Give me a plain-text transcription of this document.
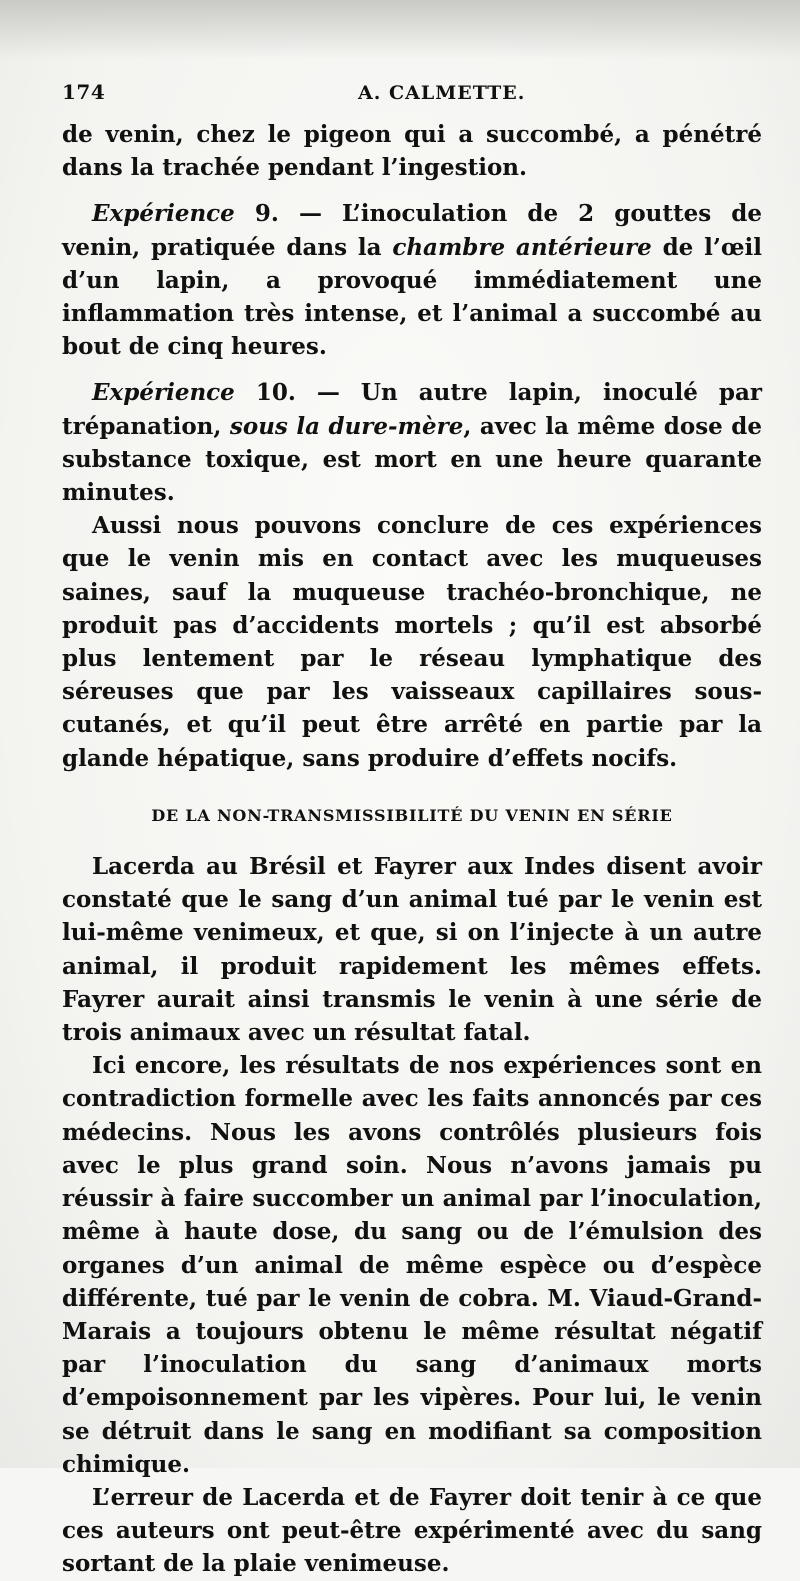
174	A. CALMETTE.

de venin, chez le pigeon qui a succombé, a pénétré dans la trachée pendant l’ingestion.

Expérience 9. — L’inoculation de 2 gouttes de venin, pratiquée dans la chambre antérieure de l’œil d’un lapin, a provoqué immédiatement une inflammation très intense, et l’animal a succombé au bout de cinq heures.

Expérience 10. — Un autre lapin, inoculé par trépanation, sous la dure-mère, avec la même dose de substance toxique, est mort en une heure quarante minutes.

Aussi nous pouvons conclure de ces expériences que le venin mis en contact avec les muqueuses saines, sauf la muqueuse trachéo-bronchique, ne produit pas d’accidents mortels ; qu’il est absorbé plus lentement par le réseau lymphatique des séreuses que par les vaisseaux capillaires sous-cutanés, et qu’il peut être arrêté en partie par la glande hépatique, sans produire d’effets nocifs.

DE LA NON-TRANSMISSIBILITÉ DU VENIN EN SÉRIE

Lacerda au Brésil et Fayrer aux Indes disent avoir constaté que le sang d’un animal tué par le venin est lui-même venimeux, et que, si on l’injecte à un autre animal, il produit rapidement les mêmes effets. Fayrer aurait ainsi transmis le venin à une série de trois animaux avec un résultat fatal.

Ici encore, les résultats de nos expériences sont en contradiction formelle avec les faits annoncés par ces médecins. Nous les avons contrôlés plusieurs fois avec le plus grand soin. Nous n’avons jamais pu réussir à faire succomber un animal par l’inoculation, même à haute dose, du sang ou de l’émulsion des organes d’un animal de même espèce ou d’espèce différente, tué par le venin de cobra. M. Viaud-Grand-Marais a toujours obtenu le même résultat négatif par l’inoculation du sang d’animaux morts d’empoisonnement par les vipères. Pour lui, le venin se détruit dans le sang en modifiant sa composition chimique.

L’erreur de Lacerda et de Fayrer doit tenir à ce que ces auteurs ont peut-être expérimenté avec du sang sortant de la plaie venimeuse.
